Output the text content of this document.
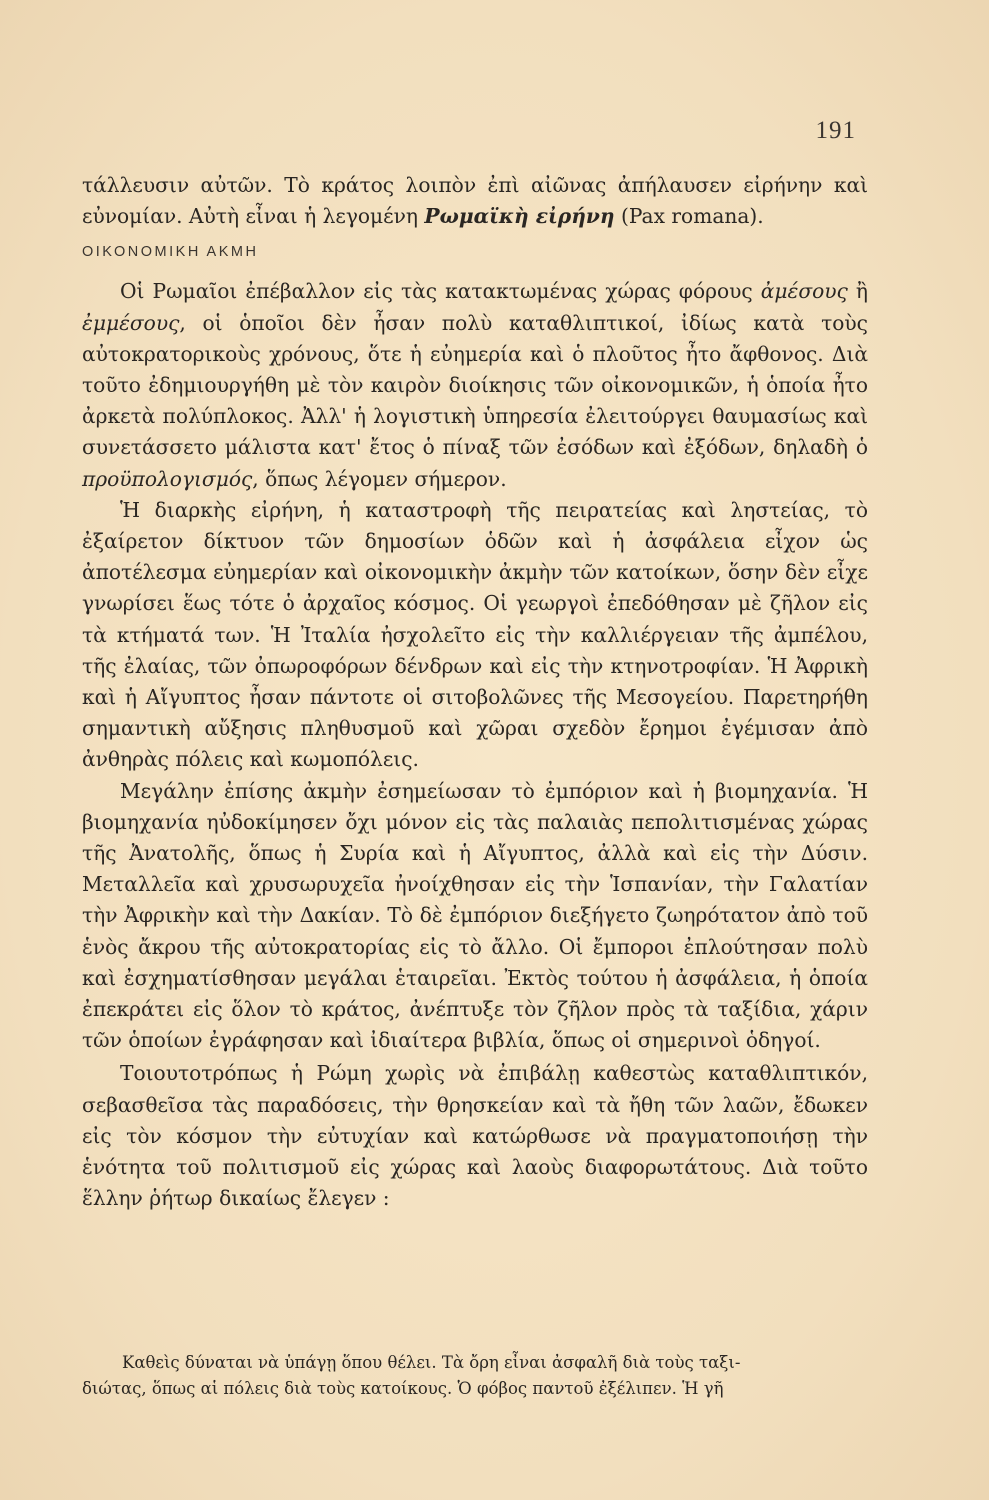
191

τάλλευσιν αὐτῶν. Τὸ κράτος λοιπὸν ἐπὶ αἰῶνας ἀπήλαυσεν εἰρήνην καὶ εὐνομίαν. Αὐτὴ εἶναι ἡ λεγομένη Ρωμαϊκὴ εἰρήνη (Pax romana).

ΟΙΚΟΝΟΜΙΚΗ ΑΚΜΗ

Οἱ Ρωμαῖοι ἐπέβαλλον εἰς τὰς κατακτωμένας χώρας φόρους ἀμέσους ἢ ἐμμέσους, οἱ ὁποῖοι δὲν ἦσαν πολὺ καταθλιπτικοί, ἰδίως κατὰ τοὺς αὐτοκρατορικοὺς χρόνους, ὅτε ἡ εὐημερία καὶ ὁ πλοῦτος ἦτο ἄφθονος. Διὰ τοῦτο ἐδημιουργήθη μὲ τὸν καιρὸν διοίκησις τῶν οἰκονομικῶν, ἡ ὁποία ἦτο ἀρκετὰ πολύπλοκος. Ἀλλ' ἡ λογιστικὴ ὑπηρεσία ἐλειτούργει θαυμασίως καὶ συνετάσσετο μάλιστα κατ' ἔτος ὁ πίναξ τῶν ἐσόδων καὶ ἐξόδων, δηλαδὴ ὁ προϋπολογισμός, ὅπως λέγομεν σήμερον.

Ἡ διαρκὴς εἰρήνη, ἡ καταστροφὴ τῆς πειρατείας καὶ ληστείας, τὸ ἐξαίρετον δίκτυον τῶν δημοσίων ὁδῶν καὶ ἡ ἀσφάλεια εἶχον ὡς ἀποτέλεσμα εὐημερίαν καὶ οἰκονομικὴν ἀκμὴν τῶν κατοίκων, ὅσην δὲν εἶχε γνωρίσει ἕως τότε ὁ ἀρχαῖος κόσμος. Οἱ γεωργοὶ ἐπεδόθησαν μὲ ζῆλον εἰς τὰ κτήματά των. Ἡ Ἰταλία ἠσχολεῖτο εἰς τὴν καλλιέργειαν τῆς ἀμπέλου, τῆς ἐλαίας, τῶν ὀπωροφόρων δένδρων καὶ εἰς τὴν κτηνοτροφίαν. Ἡ Ἀφρικὴ καὶ ἡ Αἴγυπτος ἦσαν πάντοτε οἱ σιτοβολῶνες τῆς Μεσογείου. Παρετηρήθη σημαντικὴ αὔξησις πληθυσμοῦ καὶ χῶραι σχεδὸν ἔρημοι ἐγέμισαν ἀπὸ ἀνθηρὰς πόλεις καὶ κωμοπόλεις.

Μεγάλην ἐπίσης ἀκμὴν ἐσημείωσαν τὸ ἐμπόριον καὶ ἡ βιομηχανία. Ἡ βιομηχανία ηὐδοκίμησεν ὄχι μόνον εἰς τὰς παλαιὰς πεπολιτισμένας χώρας τῆς Ἀνατολῆς, ὅπως ἡ Συρία καὶ ἡ Αἴγυπτος, ἀλλὰ καὶ εἰς τὴν Δύσιν. Μεταλλεῖα καὶ χρυσωρυχεῖα ἠνοίχθησαν εἰς τὴν Ἱσπανίαν, τὴν Γαλατίαν τὴν Ἀφρικὴν καὶ τὴν Δακίαν. Τὸ δὲ ἐμπόριον διεξήγετο ζωηρότατον ἀπὸ τοῦ ἑνὸς ἄκρου τῆς αὐτοκρατορίας εἰς τὸ ἄλλο. Οἱ ἔμποροι ἐπλούτησαν πολὺ καὶ ἐσχηματίσθησαν μεγάλαι ἑταιρεῖαι. Ἐκτὸς τούτου ἡ ἀσφάλεια, ἡ ὁποία ἐπεκράτει εἰς ὅλον τὸ κράτος, ἀνέπτυξε τὸν ζῆλον πρὸς τὰ ταξίδια, χάριν τῶν ὁποίων ἐγράφησαν καὶ ἰδιαίτερα βιβλία, ὅπως οἱ σημερινοὶ ὁδηγοί.

Τοιουτοτρόπως ἡ Ρώμη χωρὶς νὰ ἐπιβάλῃ καθεστὼς καταθλιπτικόν, σεβασθεῖσα τὰς παραδόσεις, τὴν θρησκείαν καὶ τὰ ἤθη τῶν λαῶν, ἔδωκεν εἰς τὸν κόσμον τὴν εὐτυχίαν καὶ κατώρθωσε νὰ πραγματοποιήσῃ τὴν ἑνότητα τοῦ πολιτισμοῦ εἰς χώρας καὶ λαοὺς διαφορωτάτους. Διὰ τοῦτο ἕλλην ῥήτωρ δικαίως ἔλεγεν :

Καθεὶς δύναται νὰ ὑπάγῃ ὅπου θέλει. Τὰ ὄρη εἶναι ἀσφαλῆ διὰ τοὺς ταξι-
διώτας, ὅπως αἱ πόλεις διὰ τοὺς κατοίκους. Ὁ φόβος παντοῦ ἐξέλιπεν. Ἡ γῆ
